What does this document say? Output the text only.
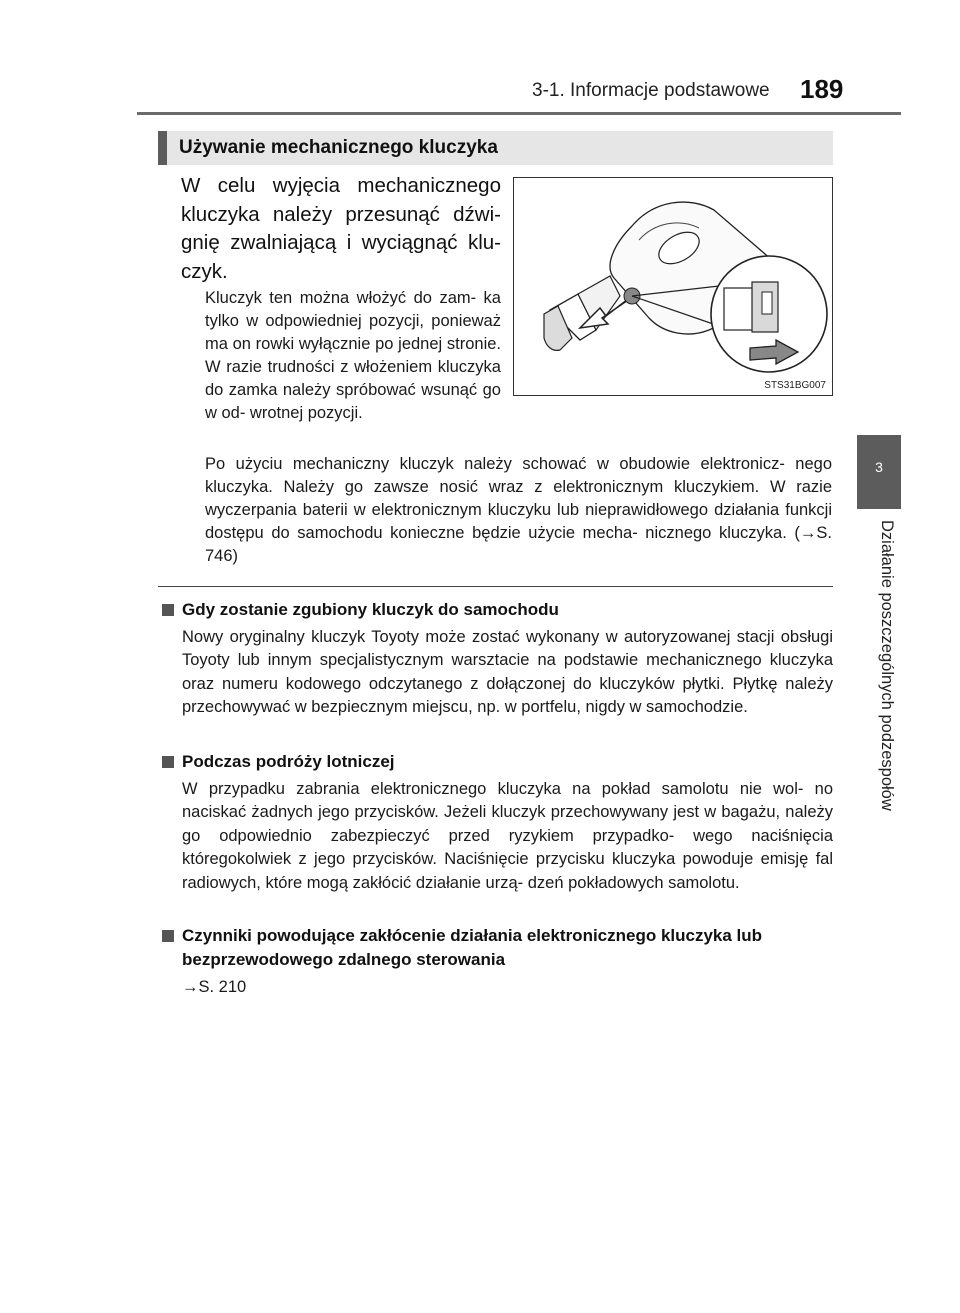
3-1. Informacje podstawowe 189
3
Działanie poszczególnych podzespołów
Używanie mechanicznego kluczyka
W celu wyjęcia mechanicznego kluczyka należy przesunąć dźwi- gnię zwalniającą i wyciągnąć klu- czyk.
Kluczyk ten można włożyć do zam- ka tylko w odpowiedniej pozycji, ponieważ ma on rowki wyłącznie po jednej stronie. W razie trudności z włożeniem kluczyka do zamka należy spróbować wsunąć go w od- wrotnej pozycji.
STS31BG007
Po użyciu mechaniczny kluczyk należy schować w obudowie elektronicz- nego kluczyka. Należy go zawsze nosić wraz z elektronicznym kluczykiem. W razie wyczerpania baterii w elektronicznym kluczyku lub nieprawidłowego działania funkcji dostępu do samochodu konieczne będzie użycie mecha- nicznego kluczyka. (→S. 746)
Gdy zostanie zgubiony kluczyk do samochodu
Nowy oryginalny kluczyk Toyoty może zostać wykonany w autoryzowanej stacji obsługi Toyoty lub innym specjalistycznym warsztacie na podstawie mechanicznego kluczyka oraz numeru kodowego odczytanego z dołączonej do kluczyków płytki. Płytkę należy przechowywać w bezpiecznym miejscu, np. w portfelu, nigdy w samochodzie.
Podczas podróży lotniczej
W przypadku zabrania elektronicznego kluczyka na pokład samolotu nie wol- no naciskać żadnych jego przycisków. Jeżeli kluczyk przechowywany jest w bagażu, należy go odpowiednio zabezpieczyć przed ryzykiem przypadko- wego naciśnięcia któregokolwiek z jego przycisków. Naciśnięcie przycisku kluczyka powoduje emisję fal radiowych, które mogą zakłócić działanie urzą- dzeń pokładowych samolotu.
Czynniki powodujące zakłócenie działania elektronicznego kluczyka lub bezprzewodowego zdalnego sterowania
→S. 210
